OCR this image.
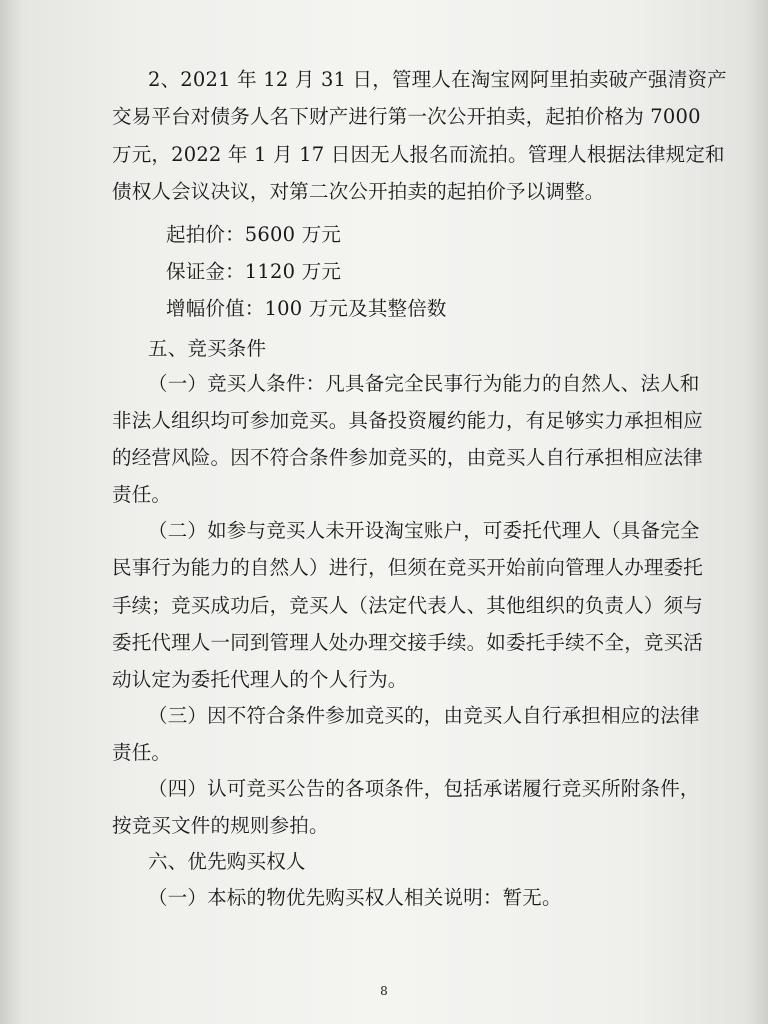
2、2021 年 12 月 31 日，管理人在淘宝网阿里拍卖破产强清资产
交易平台对债务人名下财产进行第一次公开拍卖，起拍价格为 7000
万元，2022 年 1 月 17 日因无人报名而流拍。管理人根据法律规定和
债权人会议决议，对第二次公开拍卖的起拍价予以调整。
起拍价：5600 万元
保证金：1120 万元
增幅价值：100 万元及其整倍数
五、竞买条件
（一）竞买人条件：凡具备完全民事行为能力的自然人、法人和
非法人组织均可参加竞买。具备投资履约能力，有足够实力承担相应
的经营风险。因不符合条件参加竞买的，由竞买人自行承担相应法律
责任。
（二）如参与竞买人未开设淘宝账户，可委托代理人（具备完全
民事行为能力的自然人）进行，但须在竞买开始前向管理人办理委托
手续；竞买成功后，竞买人（法定代表人、其他组织的负责人）须与
委托代理人一同到管理人处办理交接手续。如委托手续不全，竞买活
动认定为委托代理人的个人行为。
（三）因不符合条件参加竞买的，由竞买人自行承担相应的法律
责任。
（四）认可竞买公告的各项条件，包括承诺履行竞买所附条件，
按竞买文件的规则参拍。
六、优先购买权人
（一）本标的物优先购买权人相关说明：暂无。
8
